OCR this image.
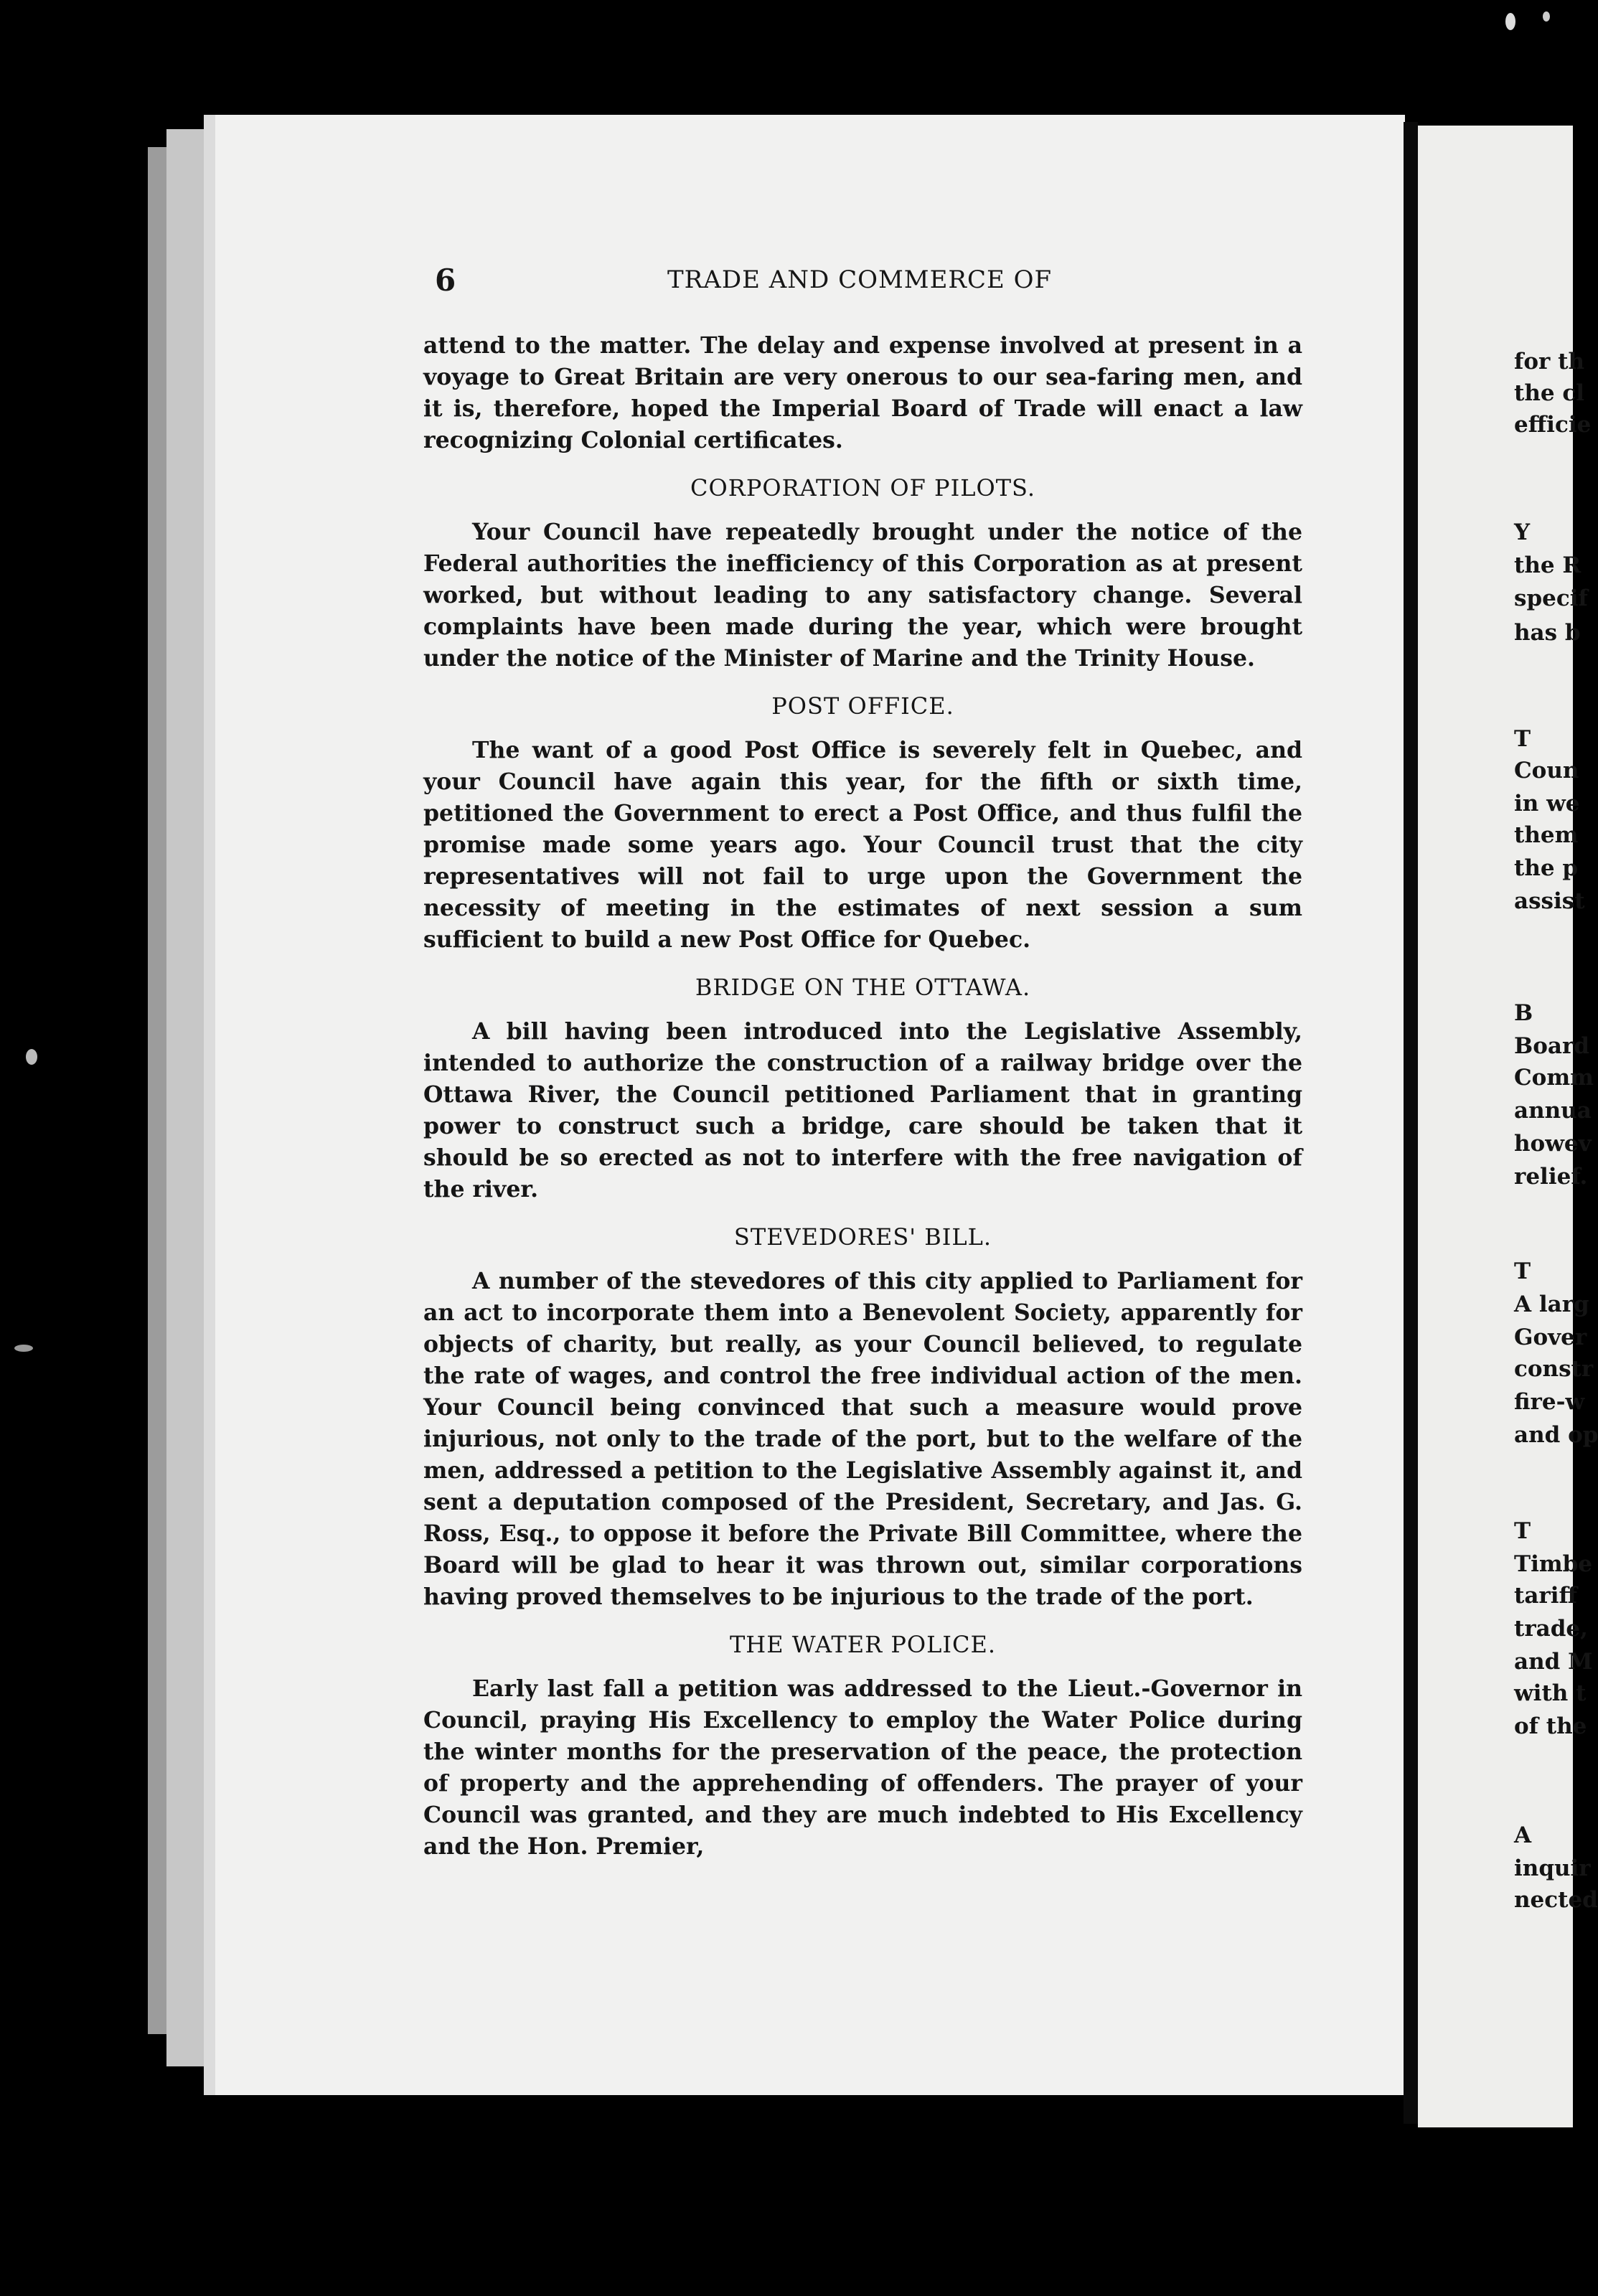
for th
the cl
efficie
Y
the R
specif
has b
T
Coun
in we
them
the p
assist
B
Board
Comm
annua
howev
relief.
T
A larg
Gover
constr
fire-w
and op
T
Timbe
tariff
trade,
and M
with t
of the
A
inquir
nected
6	TRADE AND COMMERCE OF

attend to the matter. The delay and expense involved at present in a voyage to Great Britain are very onerous to our sea-faring men, and it is, therefore, hoped the Imperial Board of Trade will enact a law recognizing Colonial certificates.

CORPORATION OF PILOTS.

Your Council have repeatedly brought under the notice of the Federal authorities the inefficiency of this Corporation as at present worked, but without leading to any satisfactory change. Several complaints have been made during the year, which were brought under the notice of the Minister of Marine and the Trinity House.

POST OFFICE.

The want of a good Post Office is severely felt in Quebec, and your Council have again this year, for the fifth or sixth time, petitioned the Government to erect a Post Office, and thus fulfil the promise made some years ago. Your Council trust that the city representatives will not fail to urge upon the Government the necessity of meeting in the estimates of next session a sum sufficient to build a new Post Office for Quebec.

BRIDGE ON THE OTTAWA.

A bill having been introduced into the Legislative Assembly, intended to authorize the construction of a railway bridge over the Ottawa River, the Council petitioned Parliament that in granting power to construct such a bridge, care should be taken that it should be so erected as not to interfere with the free navigation of the river.

STEVEDORES' BILL.

A number of the stevedores of this city applied to Parliament for an act to incorporate them into a Benevolent Society, apparently for objects of charity, but really, as your Council believed, to regulate the rate of wages, and control the free individual action of the men. Your Council being convinced that such a measure would prove injurious, not only to the trade of the port, but to the welfare of the men, addressed a petition to the Legislative Assembly against it, and sent a deputation composed of the President, Secretary, and Jas. G. Ross, Esq., to oppose it before the Private Bill Committee, where the Board will be glad to hear it was thrown out, similar corporations having proved themselves to be injurious to the trade of the port.

THE WATER POLICE.

Early last fall a petition was addressed to the Lieut.-Governor in Council, praying His Excellency to employ the Water Police during the winter months for the preservation of the peace, the protection of property and the apprehending of offenders. The prayer of your Council was granted, and they are much indebted to His Excellency and the Hon. Premier,
